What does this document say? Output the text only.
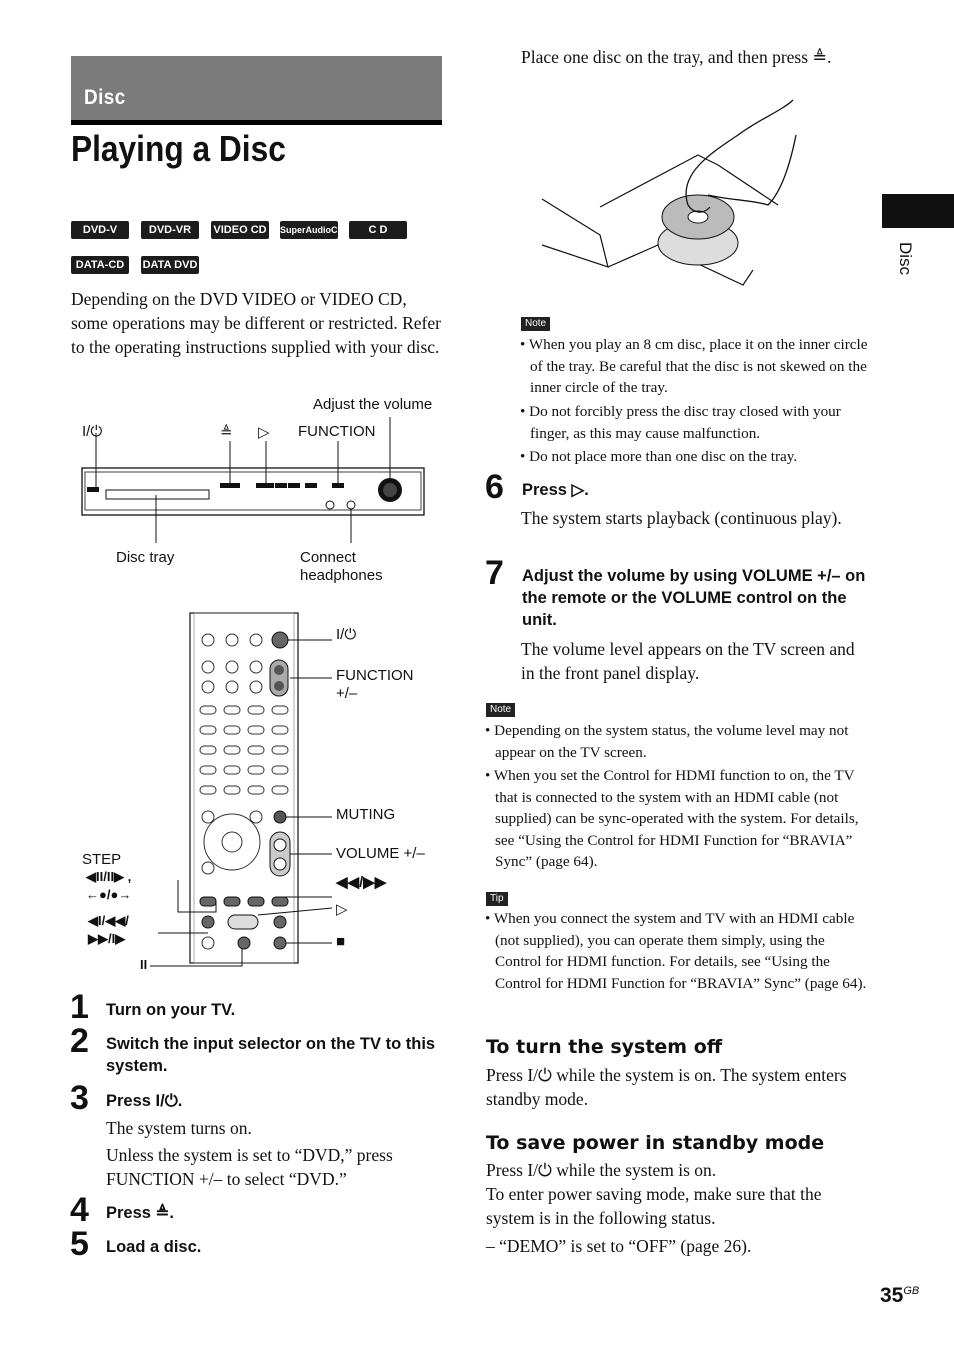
Disc
Playing a Disc
DVD-V	DVD-VR	VIDEO CD SuperAudioCD	C D
DATA-CD	DATA DVD
Depending on the DVD VIDEO or VIDEO CD, some operations may be different or restricted. Refer to the operating instructions supplied with your disc.
Adjust the volume
I/⏻	≜ ▷ FUNCTION
Disc tray	Connect
headphones
I/⏻
FUNCTION
+/–
MUTING
VOLUME +/–
◀◀/▶▶
▷
■
STEP
◀II/II▶ ,
←●/●→
◀I/◀◀/
▶▶/I▶
II
1 Turn on your TV.
2 Switch the input selector on the TV to this system.
3 Press I/⏻.
The system turns on.
Unless the system is set to “DVD,” press FUNCTION +/– to select “DVD.”
4 Press ≜.
5 Load a disc.
Place one disc on the tray, and then press ≜.
Note
• When you play an 8 cm disc, place it on the inner circle of the tray. Be careful that the disc is not skewed on the inner circle of the tray.
• Do not forcibly press the disc tray closed with your finger, as this may cause malfunction.
• Do not place more than one disc on the tray.
6 Press ▷.
The system starts playback (continuous play).
7 Adjust the volume by using VOLUME +/– on the remote or the VOLUME control on the unit.
The volume level appears on the TV screen and in the front panel display.
Note
• Depending on the system status, the volume level may not appear on the TV screen.
• When you set the Control for HDMI function to on, the TV that is connected to the system with an HDMI cable (not supplied) can be sync-operated with the system. For details, see “Using the Control for HDMI Function for “BRAVIA” Sync” (page 64).
Tip
• When you connect the system and TV with an HDMI cable (not supplied), you can operate them simply, using the Control for HDMI function. For details, see “Using the Control for HDMI Function for “BRAVIA” Sync” (page 64).
To turn the system off
Press I/⏻ while the system is on. The system enters standby mode.
To save power in standby mode
Press I/⏻ while the system is on.
To enter power saving mode, make sure that the system is in the following status.
– “DEMO” is set to “OFF” (page 26).
Disc
$35^{GB}$
